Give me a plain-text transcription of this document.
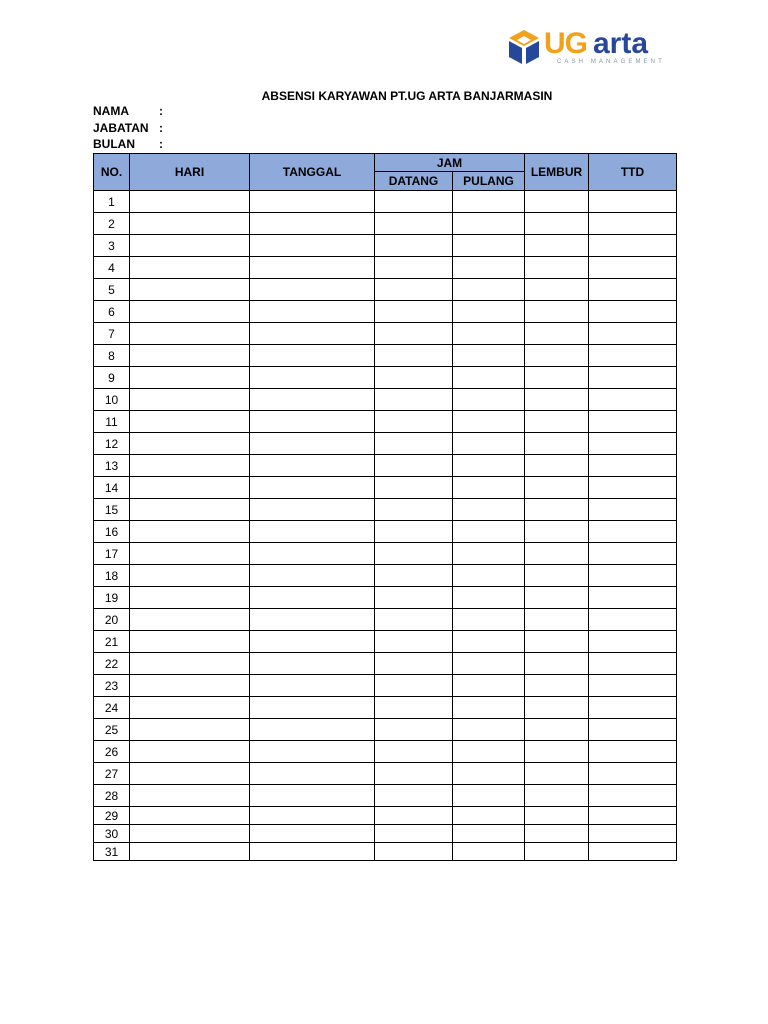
UG arta
CASH MANAGEMENT
ABSENSI KARYAWAN PT.UG ARTA BANJARMASIN
NAMA	:
JABATAN :
BULAN :
NO.	HARI	TANGGAL	JAM		LEMBUR	TTD
			DATANG	PULANG		
1						
2						
3						
4						
5						
6						
7						
8						
9						
10						
11						
12						
13						
14						
15						
16						
17						
18						
19						
20						
21						
22						
23						
24						
25						
26						
27						
28						
29						
30						
31						
